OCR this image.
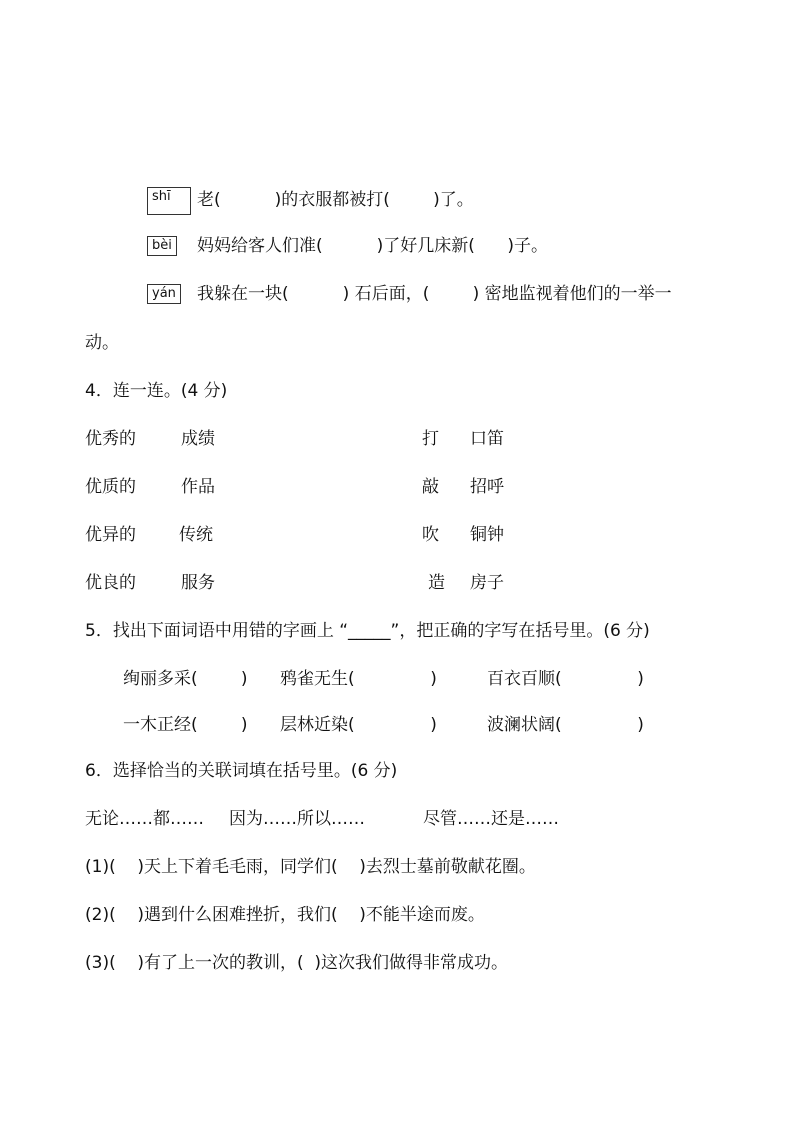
shī	老(          )的衣服都被打(        )了。
bèi 妈妈给客人们准(          )了好几床新(      )子。
yán 我躲在一块(          ) 石后面，(        ) 密地监视着他们的一举一
动。
4．连一连。(4 分)
优秀的	成绩	打 口笛
优质的	作品	敲 招呼
优异的	传统	吹 铜钟
优良的	服务	造 房子
5．找出下面词语中用错的字画上 “_____”，把正确的字写在括号里。(6 分)
绚丽多采(        ) 鸦雀无生(              )	百衣百顺(              )
一木正经(        ) 层林近染(              )	波澜状阔(              )
6．选择恰当的关联词填在括号里。(6 分)
无论……都…… 因为……所以……	尽管……还是……
(1)(    )天上下着毛毛雨，同学们(    )去烈士墓前敬献花圈。
(2)(    )遇到什么困难挫折，我们(    )不能半途而废。
(3)(    )有了上一次的教训，(  )这次我们做得非常成功。
